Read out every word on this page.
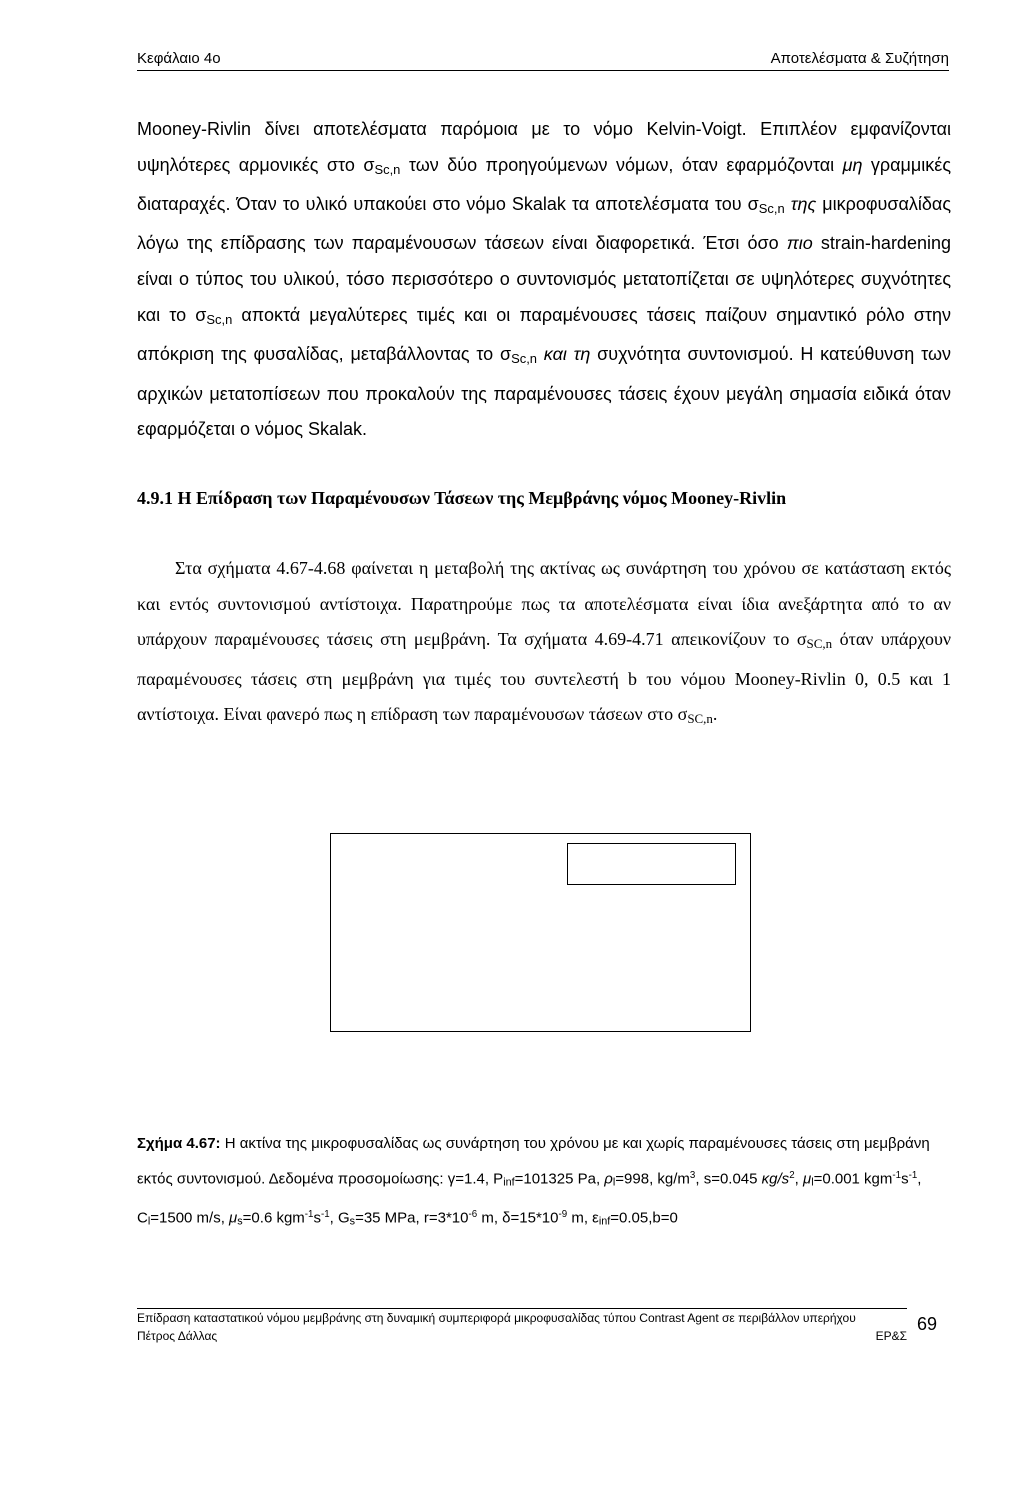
Κεφάλαιο 4ο	Αποτελέσματα & Συζήτηση

Mooney-Rivlin δίνει αποτελέσματα παρόμοια με το νόμο Kelvin-Voigt. Επιπλέον εμφανίζονται υψηλότερες αρμονικές στο $\sigma_{Sc,n}$ των δύο προηγούμενων νόμων, όταν εφαρμόζονται μη γραμμικές διαταραχές. Όταν το υλικό υπακούει στο νόμο Skalak τα αποτελέσματα του $\sigma_{Sc,n}$ της μικροφυσαλίδας λόγω της επίδρασης των παραμένουσων τάσεων είναι διαφορετικά. Έτσι όσο πιο strain-hardening είναι ο τύπος του υλικού, τόσο περισσότερο ο συντονισμός μετατοπίζεται σε υψηλότερες συχνότητες και το $\sigma_{Sc,n}$ αποκτά μεγαλύτερες τιμές και οι παραμένουσες τάσεις παίζουν σημαντικό ρόλο στην απόκριση της φυσαλίδας, μεταβάλλοντας το $\sigma_{Sc,n}$ και τη συχνότητα συντονισμού. Η κατεύθυνση των αρχικών μετατοπίσεων που προκαλούν της παραμένουσες τάσεις έχουν μεγάλη σημασία ειδικά όταν εφαρμόζεται ο νόμος Skalak.

4.9.1 Η Επίδραση των Παραμένουσων Τάσεων της Μεμβράνης νόμος Mooney-Rivlin

Στα σχήματα 4.67-4.68 φαίνεται η μεταβολή της ακτίνας ως συνάρτηση του χρόνου σε κατάσταση εκτός και εντός συντονισμού αντίστοιχα. Παρατηρούμε πως τα αποτελέσματα είναι ίδια ανεξάρτητα από το αν υπάρχουν παραμένουσες τάσεις στη μεμβράνη. Τα σχήματα 4.69-4.71 απεικονίζουν το $\sigma_{SC,n}$ όταν υπάρχουν παραμένουσες τάσεις στη μεμβράνη για τιμές του συντελεστή b του νόμου Mooney-Rivlin 0, 0.5 και 1 αντίστοιχα. Είναι φανερό πως η επίδραση των παραμένουσων τάσεων στο $\sigma_{SC,n}$.

Σχήμα 4.67: Η ακτίνα της μικροφυσαλίδας ως συνάρτηση του χρόνου με και χωρίς παραμένουσες τάσεις στη μεμβράνη εκτός συντονισμού. Δεδομένα προσομοίωσης: γ=1.4, $P_{inf}=101325$ Pa, $\rho_l=998$, $kg/m^3$, s=0.045 $\kappa g/s^2$, $\mu_l=0.001$ $kgm^{-1}s^{-1}$, $C_l=1500$ m/s, $\mu_s=0.6$ $kgm^{-1}s^{-1}$, $G_s=35$ MPa, $r=3*10^{-6}$ m, $\delta=15*10^{-9}$ m, $\varepsilon_{inf}=0.05,b=0$

Επίδραση καταστατικού νόμου μεμβράνης στη δυναμική συμπεριφορά μικροφυσαλίδας τύπου Contrast Agent σε περιβάλλον υπερήχου
Πέτρος Δάλλας	ΕΡ&Σ
69
